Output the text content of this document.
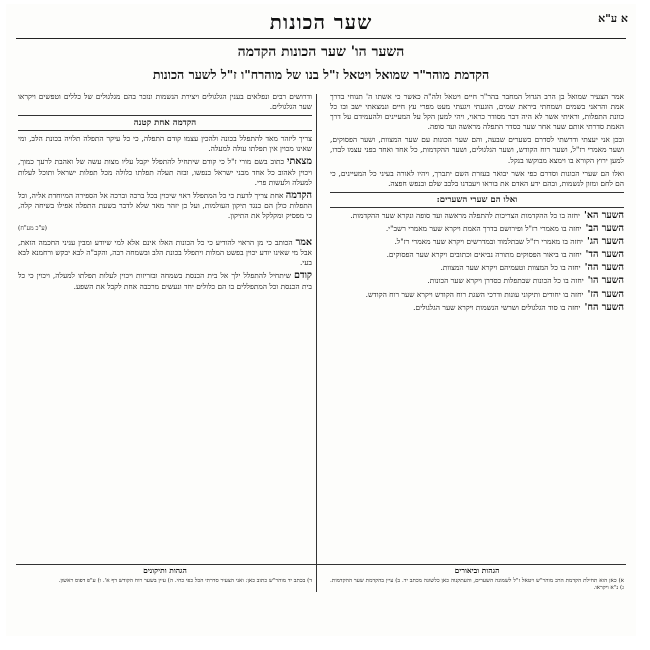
א ע"א
שער הכונות
השער הו' שער הכונות הקדמה
הקדמת מוהר"ר שמואל ויטאל ז"ל בנו של מוהרח"ו ז"ל לשער הכונות

אמר הצעיר שמואל בן הרב הגדול המחבר בהר"ר חיים ויטאל זלה"ה כאשר כי אשתו ה' תנוחי בדרך אמת והראני בשמים ושמחתי ביראת שמים, הוגעתי ויגעתי מעט מפרי עץ חיים ונמצאתי ישב ובו כל כוונת התפלות, וראיתי אשר לא היה דבר מסודר כראוי, ויהי למען הקל על המעיינים ולהעמידם על דרך האמת סדרתי אותם שער אחר שער כסדר התפלה מראשה ועד סופה.

ובכן אני יעצתי ודרשתי לסדרם בשערים שבעה, והם שער הכונות עם שער המצוות, ושער הפסוקים, ושער מאמרי רז"ל, ושער רוח הקודש, ושער הגלגולים, ושער ההקדמות, כל אחד ואחד בפני עצמו לבדו, למען ירוץ הקורא בו וימצא מבוקשו בנקל.

ואלו הם שערי הכונות וסדרם כפי אשר יבואר בעזרת השם יתברך, ויהיו לאורה בעיני כל המעיינים, כי הם לחם ומזון לנשמות, ובהם ידע האדם את בוראו ויעבדנו בלבב שלם ובנפש חפצה.

ואלו הם שערי השערים:

השער הא'יחזה בו כל ההקדמות הצריכות להתפלה מראשה ועד סופה ונקרא שער ההקדמות.

השער הב'יחזה בו מאמרי רז"ל ופירושם בדרך האמת ויקרא שער מאמרי רשב"י.

השער הג'יחזה בו מאמרי רז"ל שבתלמוד ובמדרשים ויקרא שער מאמרי רז"ל.

השער הד'יחזה בו ביאור הפסוקים מתורה נביאים וכתובים ויקרא שער הפסוקים.

השער הה'יחזה בו כל המצוות וטעמיהם ויקרא שער המצוות.

השער הו'יחזה בו כל הכונות שבתפלות כסדרן ויקרא שער הכונות.

השער הז'יחזה בו יחודים ותיקוני עונות ודרכי השגת רוח הקודש ויקרא שער רוח הקודש.

השער הח'יחזה בו סוד הגלגולים ושרשי הנשמות ויקרא שער הגלגולים.

ודרושים רבים ונפלאים בענין הגלגולים ויצירת הנשמות ונזכר בהם מגלגולים של כללים וטפשים ויקראו שער הגלגולים.

הקדמה אחת קטנה

צריך ליזהר מאד להתפלל בכונה ולהכין עצמו קודם התפלה, כי כל עיקר התפלה תלויה בכונת הלב, ומי שאינו מכוין אין תפלתו עולה למעלה.

מצאתי כתוב בשם מורי ז"ל כי קודם שיתחיל להתפלל יקבל עליו מצות עשה של ואהבת לרעך כמוך, ויכוין לאהוב כל אחד מבני ישראל כנפשו, ובזה תעלה תפלתו כלולה מכל תפלות ישראל ותוכל לעלות למעלה ולעשות פרי.

הקדמה אחת צריך לדעת כי כל המתפלל ראוי שיכוין בכל ברכה וברכה אל הספירה המיוחדת אליה, וכל התפלות כולן הם כנגד תיקון העולמות, ועל כן יזהר מאד שלא לדבר בשעת התפלה אפילו בשיחה קלה, כי מפסיק ומקלקל את התיקון.

(ע"כ מע"ח)

אמר הכותב כי מן הראוי להודיע כי כל הכונות האלו אינם אלא למי שיודע ומבין עניני החכמה הזאת, אבל מי שאינו יודע יכוין בפשט המלות ויתפלל בכונת הלב ובשמחה רבה, והקב"ה לבא יבקש ורחמנא לבא בעי.

קודם שיתחיל להתפלל ילך אל בית הכנסת בשמחה ובזריזות ויכוין לעלות תפלתו למעלה, ויכוין כי כל בית הכנסת וכל המתפללים בו הם כלולים יחד ונעשים מרכבה אחת לקבל את השפע.

הגהות וביאורים
הגהות ותיקונים
א) כאן הוא תחילת הקדמת הרב מוהר"ש ויטאל ז"ל לשמונה השערים, והעתקנוה כאן כלשונה מכתב יד. ב) עיין בהקדמת שער ההקדמות. ג) נ"א ויקראו.
ד) בכתב יד מוהר"ש כתוב כאן: ואני הצעיר סדרתי הכל כפי כחי. ה) עיין בשער רוח הקודש דף א'. ו) ע"פ דפוס ראשון.
